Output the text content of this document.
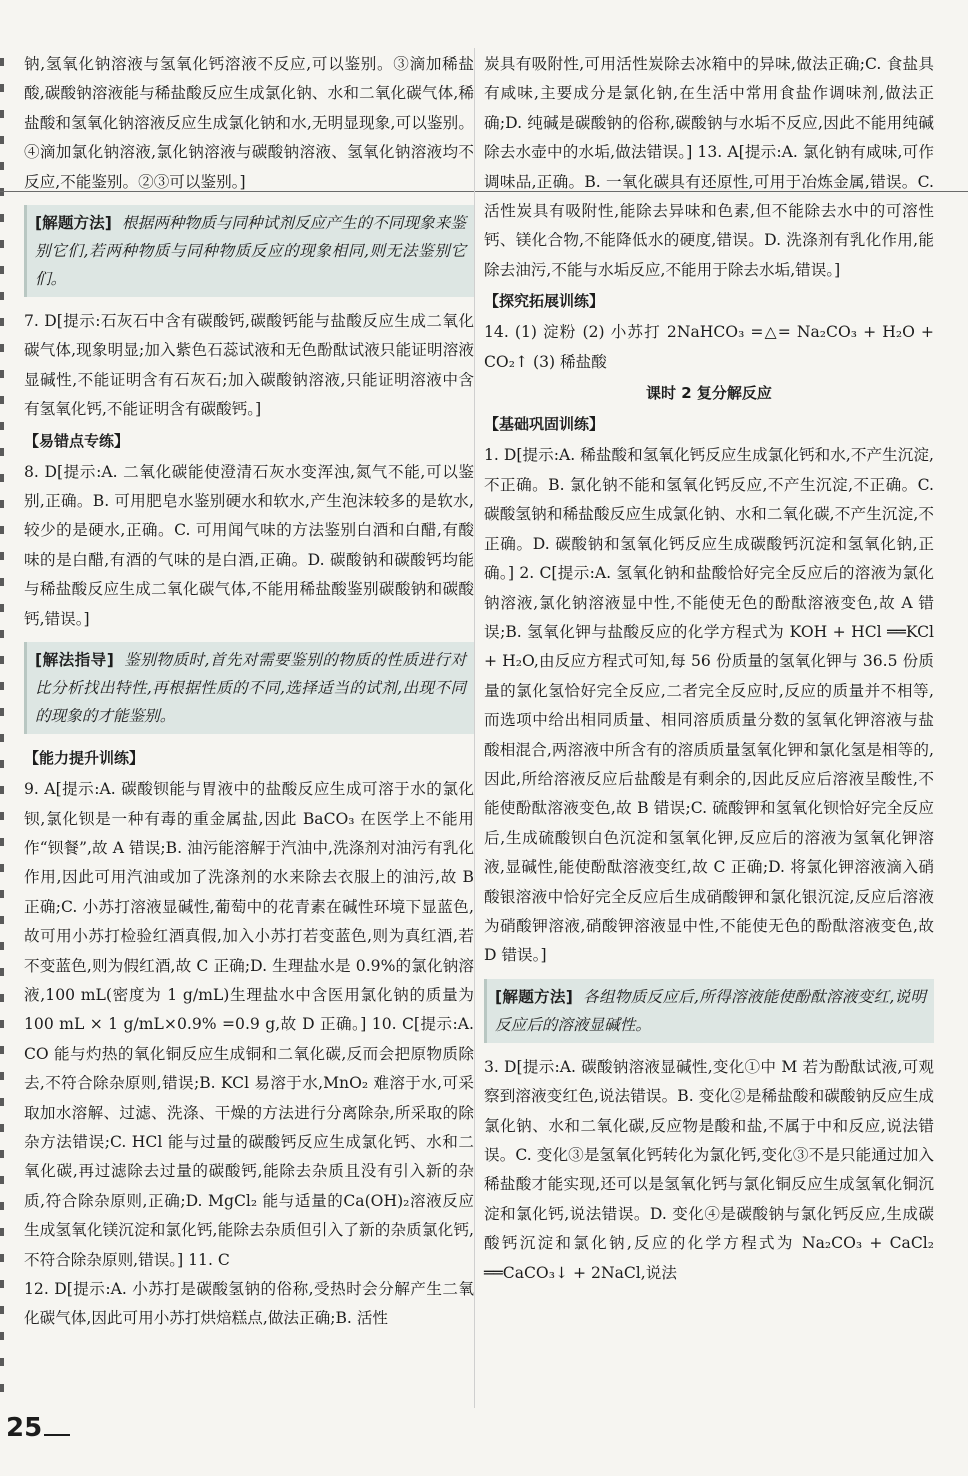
钠,氢氧化钠溶液与氢氧化钙溶液不反应,可以鉴别。③滴加稀盐酸,碳酸钠溶液能与稀盐酸反应生成氯化钠、水和二氧化碳气体,稀盐酸和氢氧化钠溶液反应生成氯化钠和水,无明显现象,可以鉴别。④滴加氯化钠溶液,氯化钠溶液与碳酸钠溶液、氢氧化钠溶液均不反应,不能鉴别。②③可以鉴别。]

[解题方法] 根据两种物质与同种试剂反应产生的不同现象来鉴别它们,若两种物质与同种物质反应的现象相同,则无法鉴别它们。

7. D[提示:石灰石中含有碳酸钙,碳酸钙能与盐酸反应生成二氧化碳气体,现象明显;加入紫色石蕊试液和无色酚酞试液只能证明溶液显碱性,不能证明含有石灰石;加入碳酸钠溶液,只能证明溶液中含有氢氧化钙,不能证明含有碳酸钙。]

【易错点专练】

8. D[提示:A. 二氧化碳能使澄清石灰水变浑浊,氮气不能,可以鉴别,正确。B. 可用肥皂水鉴别硬水和软水,产生泡沫较多的是软水,较少的是硬水,正确。C. 可用闻气味的方法鉴别白酒和白醋,有酸味的是白醋,有酒的气味的是白酒,正确。D. 碳酸钠和碳酸钙均能与稀盐酸反应生成二氧化碳气体,不能用稀盐酸鉴别碳酸钠和碳酸钙,错误。]

[解法指导] 鉴别物质时,首先对需要鉴别的物质的性质进行对比分析找出特性,再根据性质的不同,选择适当的试剂,出现不同的现象的才能鉴别。
【能力提升训练】

9. A[提示:A. 碳酸钡能与胃液中的盐酸反应生成可溶于水的氯化钡,氯化钡是一种有毒的重金属盐,因此 BaCO₃ 在医学上不能用作“钡餐”,故 A 错误;B. 油污能溶解于汽油中,洗涤剂对油污有乳化作用,因此可用汽油或加了洗涤剂的水来除去衣服上的油污,故 B 正确;C. 小苏打溶液显碱性,葡萄中的花青素在碱性环境下显蓝色,故可用小苏打检验红酒真假,加入小苏打若变蓝色,则为真红酒,若不变蓝色,则为假红酒,故 C 正确;D. 生理盐水是 0.9%的氯化钠溶液,100 mL(密度为 1 g/mL)生理盐水中含医用氯化钠的质量为 100 mL × 1 g/mL×0.9% =0.9 g,故 D 正确。] 10. C[提示:A. CO 能与灼热的氧化铜反应生成铜和二氧化碳,反而会把原物质除去,不符合除杂原则,错误;B. KCl 易溶于水,MnO₂ 难溶于水,可采取加水溶解、过滤、洗涤、干燥的方法进行分离除杂,所采取的除杂方法错误;C. HCl 能与过量的碳酸钙反应生成氯化钙、水和二氧化碳,再过滤除去过量的碳酸钙,能除去杂质且没有引入新的杂质,符合除杂原则,正确;D. MgCl₂ 能与适量的Ca(OH)₂溶液反应生成氢氧化镁沉淀和氯化钙,能除去杂质但引入了新的杂质氯化钙,不符合除杂原则,错误。] 11. C

12. D[提示:A. 小苏打是碳酸氢钠的俗称,受热时会分解产生二氧化碳气体,因此可用小苏打烘焙糕点,做法正确;B. 活性

炭具有吸附性,可用活性炭除去冰箱中的异味,做法正确;C. 食盐具有咸味,主要成分是氯化钠,在生活中常用食盐作调味剂,做法正确;D. 纯碱是碳酸钠的俗称,碳酸钠与水垢不反应,因此不能用纯碱除去水壶中的水垢,做法错误。] 13. A[提示:A. 氯化钠有咸味,可作调味品,正确。B. 一氧化碳具有还原性,可用于冶炼金属,错误。C. 活性炭具有吸附性,能除去异味和色素,但不能除去水中的可溶性钙、镁化合物,不能降低水的硬度,错误。D. 洗涤剂有乳化作用,能除去油污,不能与水垢反应,不能用于除去水垢,错误。]

【探究拓展训练】

14. (1) 淀粉 (2) 小苏打 2NaHCO₃ =△= Na₂CO₃ + H₂O + CO₂↑ (3) 稀盐酸

课时 2 复分解反应
【基础巩固训练】

1. D[提示:A. 稀盐酸和氢氧化钙反应生成氯化钙和水,不产生沉淀,不正确。B. 氯化钠不能和氢氧化钙反应,不产生沉淀,不正确。C. 碳酸氢钠和稀盐酸反应生成氯化钠、水和二氧化碳,不产生沉淀,不正确。D. 碳酸钠和氢氧化钙反应生成碳酸钙沉淀和氢氧化钠,正确。] 2. C[提示:A. 氢氧化钠和盐酸恰好完全反应后的溶液为氯化钠溶液,氯化钠溶液显中性,不能使无色的酚酞溶液变色,故 A 错误;B. 氢氧化钾与盐酸反应的化学方程式为 KOH + HCl ══KCl + H₂O,由反应方程式可知,每 56 份质量的氢氧化钾与 36.5 份质量的氯化氢恰好完全反应,二者完全反应时,反应的质量并不相等,而选项中给出相同质量、相同溶质质量分数的氢氧化钾溶液与盐酸相混合,两溶液中所含有的溶质质量氢氧化钾和氯化氢是相等的,因此,所给溶液反应后盐酸是有剩余的,因此反应后溶液呈酸性,不能使酚酞溶液变色,故 B 错误;C. 硫酸钾和氢氧化钡恰好完全反应后,生成硫酸钡白色沉淀和氢氧化钾,反应后的溶液为氢氧化钾溶液,显碱性,能使酚酞溶液变红,故 C 正确;D. 将氯化钾溶液滴入硝酸银溶液中恰好完全反应后生成硝酸钾和氯化银沉淀,反应后溶液为硝酸钾溶液,硝酸钾溶液显中性,不能使无色的酚酞溶液变色,故 D 错误。]

[解题方法] 各组物质反应后,所得溶液能使酚酞溶液变红,说明反应后的溶液显碱性。

3. D[提示:A. 碳酸钠溶液显碱性,变化①中 M 若为酚酞试液,可观察到溶液变红色,说法错误。B. 变化②是稀盐酸和碳酸钠反应生成氯化钠、水和二氧化碳,反应物是酸和盐,不属于中和反应,说法错误。C. 变化③是氢氧化钙转化为氯化钙,变化③不是只能通过加入稀盐酸才能实现,还可以是氢氧化钙与氯化铜反应生成氢氧化铜沉淀和氯化钙,说法错误。D. 变化④是碳酸钠与氯化钙反应,生成碳酸钙沉淀和氯化钠,反应的化学方程式为 Na₂CO₃ + CaCl₂ ══CaCO₃↓ + 2NaCl,说法

25
